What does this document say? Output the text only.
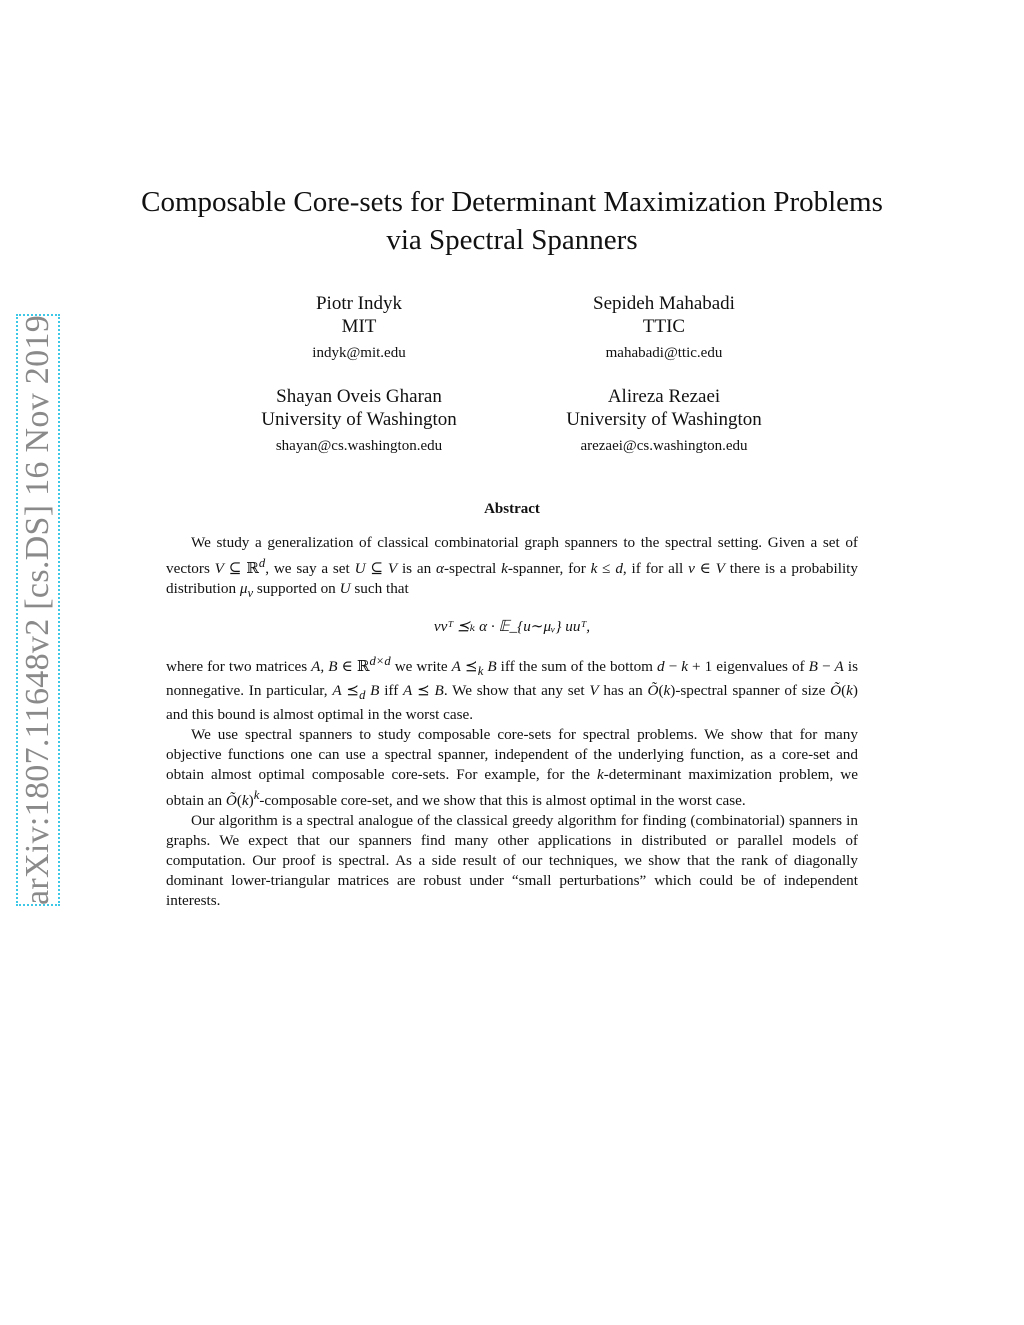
arXiv:1807.11648v2 [cs.DS] 16 Nov 2019
Composable Core-sets for Determinant Maximization Problems
via Spectral Spanners
Piotr Indyk
MIT
indyk@mit.edu
Sepideh Mahabadi
TTIC
mahabadi@ttic.edu
Shayan Oveis Gharan
University of Washington
shayan@cs.washington.edu
Alireza Rezaei
University of Washington
arezaei@cs.washington.edu
Abstract

We study a generalization of classical combinatorial graph spanners to the spectral setting. Given a set of vectors V ⊆ ℝ$^d$, we say a set U ⊆ V is an α-spectral k-spanner, for k ≤ d, if for all v ∈ V there is a probability distribution $\mu_v$ supported on U such that

vvᵀ ⪯ₖ α · 𝔼_{u∼μᵥ} uuᵀ,

where for two matrices A, B ∈ ℝ$^{d\times d}$ we write A $⪯_k$ B iff the sum of the bottom d − k + 1 eigenvalues of B − A is nonnegative. In particular, A $⪯_d$ B iff A ⪯ B. We show that any set V has an Õ(k)-spectral spanner of size Õ(k) and this bound is almost optimal in the worst case.

We use spectral spanners to study composable core-sets for spectral problems. We show that for many objective functions one can use a spectral spanner, independent of the underlying function, as a core-set and obtain almost optimal composable core-sets. For example, for the k-determinant maximization problem, we obtain an $Õ(k)^k$-composable core-set, and we show that this is almost optimal in the worst case.

Our algorithm is a spectral analogue of the classical greedy algorithm for finding (combinatorial) spanners in graphs. We expect that our spanners find many other applications in distributed or parallel models of computation. Our proof is spectral. As a side result of our techniques, we show that the rank of diagonally dominant lower-triangular matrices are robust under “small perturbations” which could be of independent interests.
